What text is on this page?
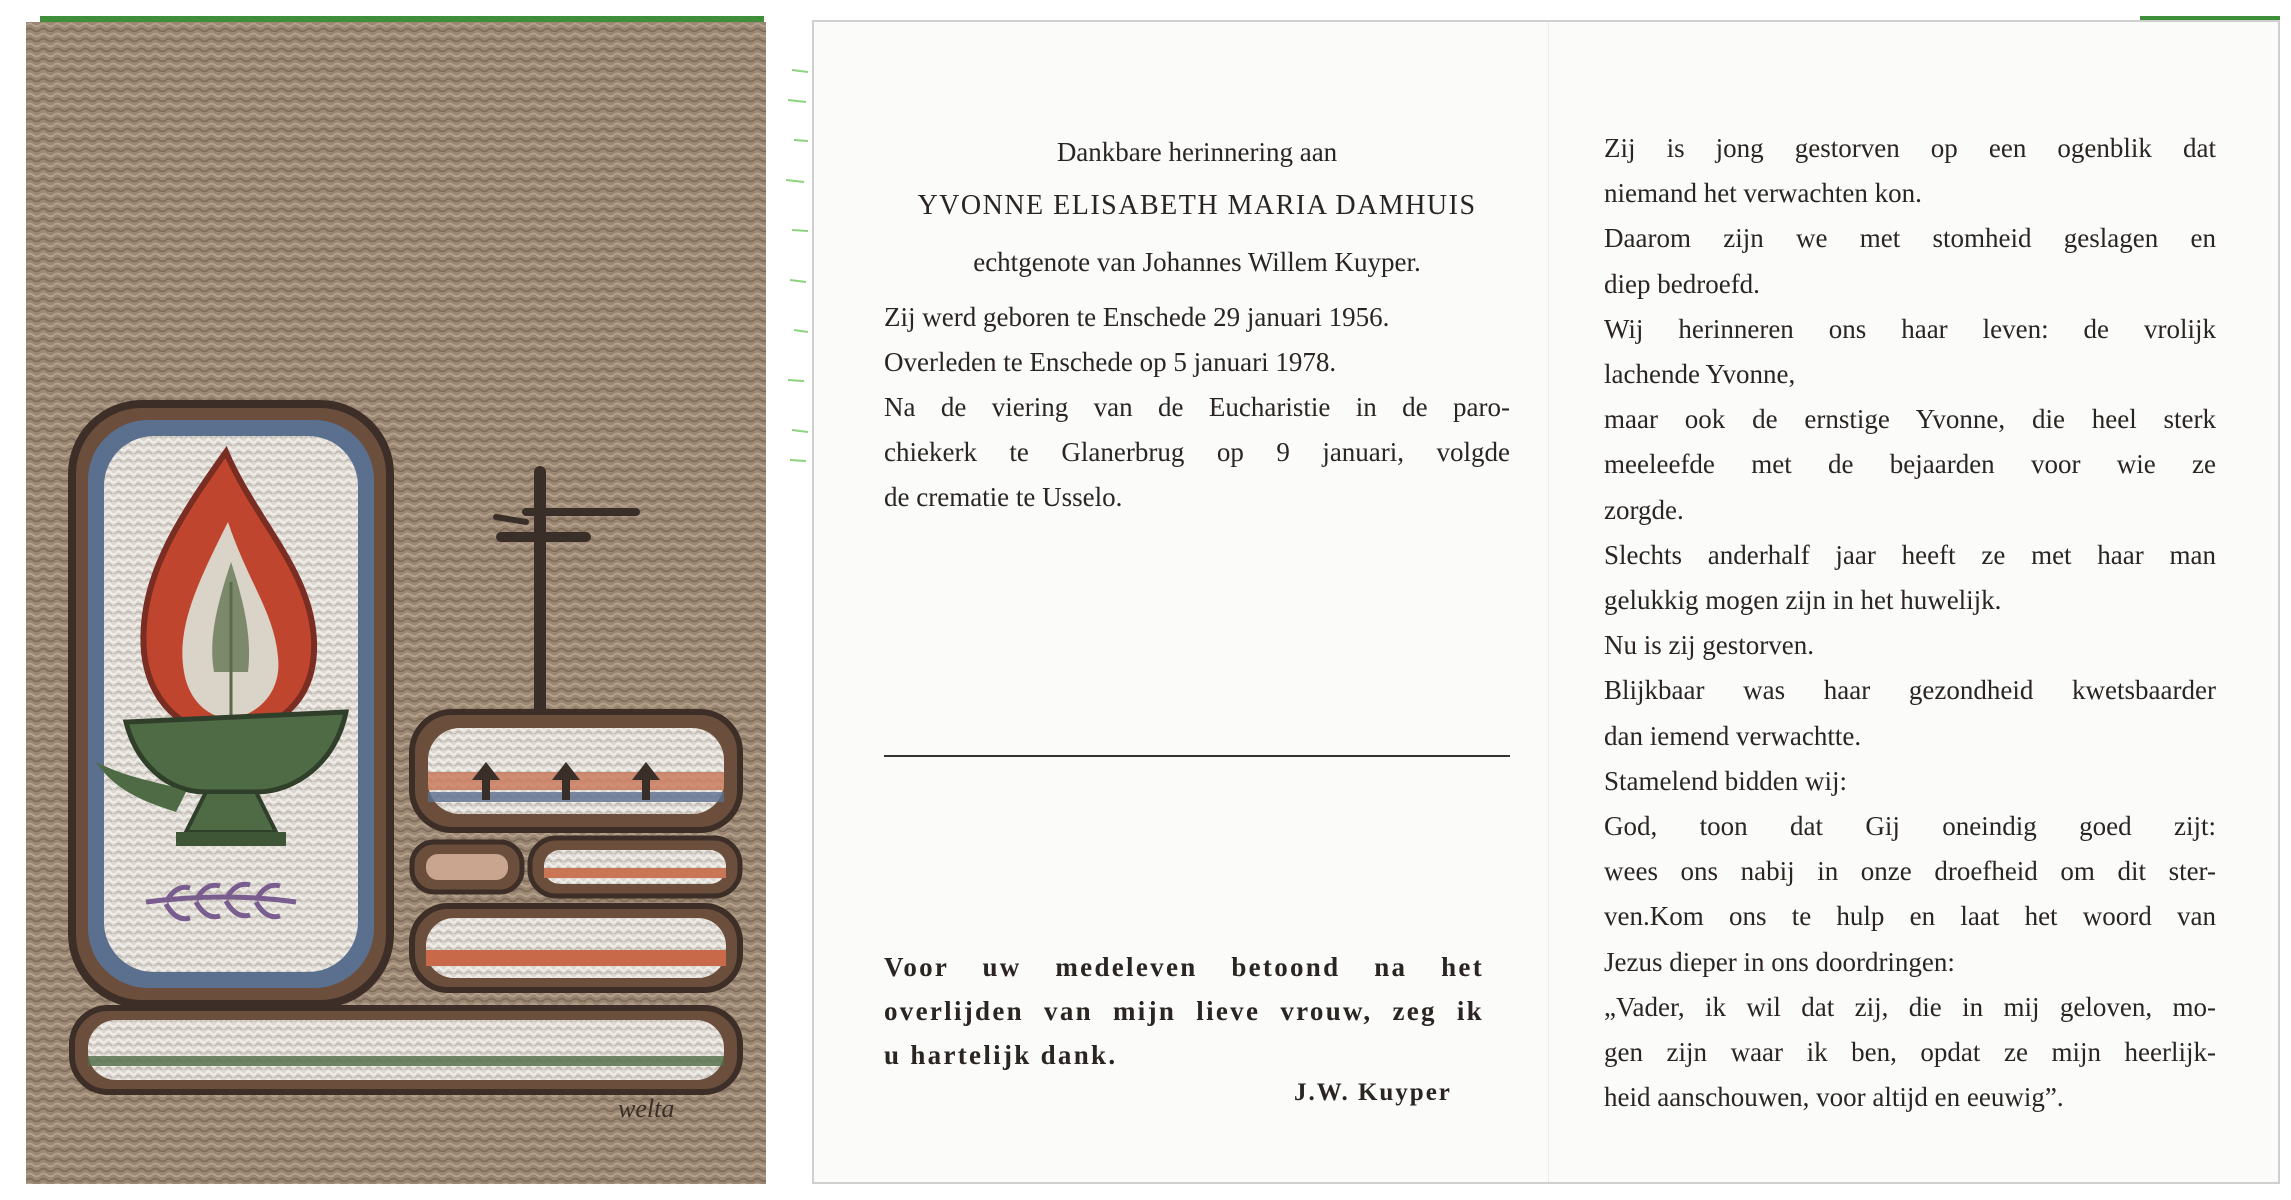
welta
Dankbare herinnering aan
YVONNE ELISABETH MARIA DAMHUIS
echtgenote van Johannes Willem Kuyper.
Zij werd geboren te Enschede 29 januari 1956.
Overleden te Enschede op 5 januari 1978.
Na de viering van de Eucharistie in de paro-
chiekerk te Glanerbrug op 9 januari, volgde
de crematie te Usselo.
Voor uw medeleven betoond na het
overlijden van mijn lieve vrouw, zeg ik
u hartelijk dank.
J.W. Kuyper
Zij is jong gestorven op een ogenblik dat
niemand het verwachten kon.
Daarom zijn we met stomheid geslagen en
diep bedroefd.
Wij herinneren ons haar leven: de vrolijk
lachende Yvonne,
maar ook de ernstige Yvonne, die heel sterk
meeleefde met de bejaarden voor wie ze
zorgde.
Slechts anderhalf jaar heeft ze met haar man
gelukkig mogen zijn in het huwelijk.
Nu is zij gestorven.
Blijkbaar was haar gezondheid kwetsbaarder
dan iemend verwachtte.
Stamelend bidden wij:
God, toon dat Gij oneindig goed zijt:
wees ons nabij in onze droefheid om dit ster-
ven.Kom ons te hulp en laat het woord van
Jezus dieper in ons doordringen:
„Vader, ik wil dat zij, die in mij geloven, mo-
gen zijn waar ik ben, opdat ze mijn heerlijk-
heid aanschouwen, voor altijd en eeuwig”.
